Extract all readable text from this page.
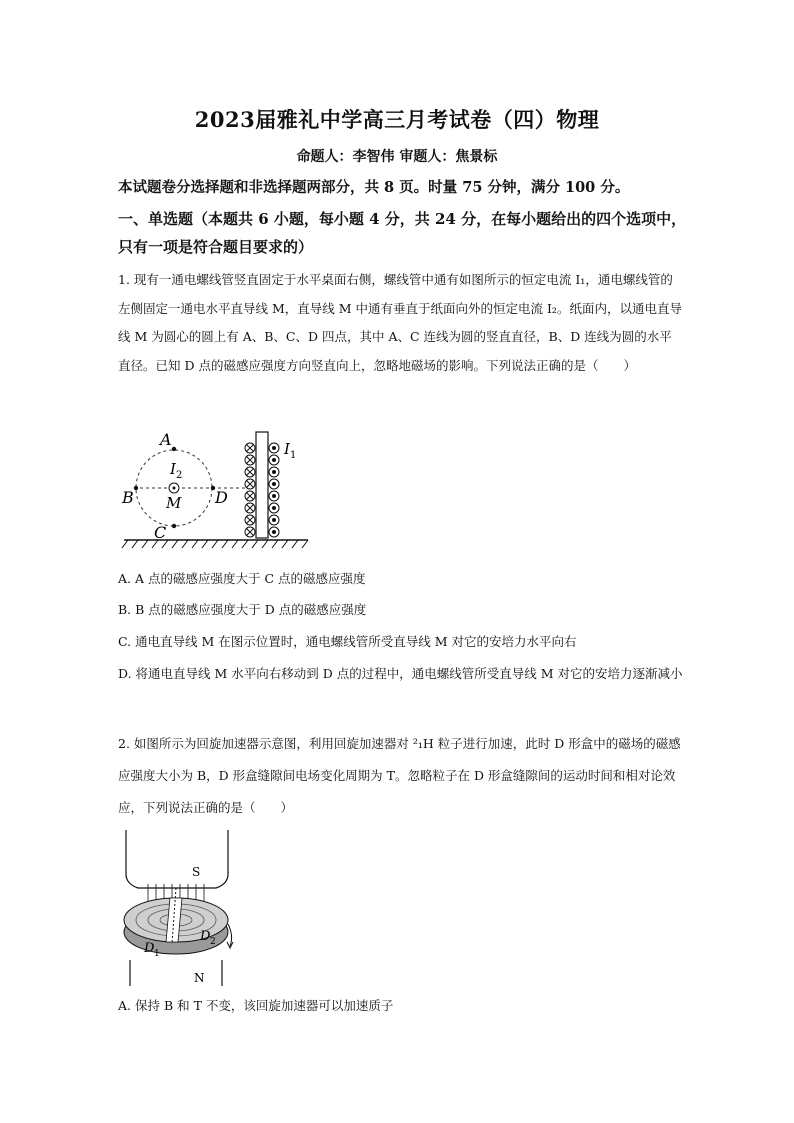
2023届雅礼中学高三月考试卷（四）物理
命题人：李智伟 审题人：焦景标
本试题卷分选择题和非选择题两部分，共 8 页。时量 75 分钟，满分 100 分。
一、单选题（本题共 6 小题，每小题 4 分，共 24 分，在每小题给出的四个选项中，只有一项是符合题目要求的）
1. 现有一通电螺线管竖直固定于水平桌面右侧，螺线管中通有如图所示的恒定电流 I₁，通电螺线管的左侧固定一通电水平直导线 M，直导线 M 中通有垂直于纸面向外的恒定电流 I₂。纸面内，以通电直导线 M 为圆心的圆上有 A、B、C、D 四点，其中 A、C 连线为圆的竖直直径，B、D 连线为圆的水平直径。已知 D 点的磁感应强度方向竖直向上，忽略地磁场的影响。下列说法正确的是（　　）
A
B
C
D
M
I 2
I 1
A. A 点的磁感应强度大于 C 点的磁感应强度
B. B 点的磁感应强度大于 D 点的磁感应强度
C. 通电直导线 M 在图示位置时，通电螺线管所受直导线 M 对它的安培力水平向右
D. 将通电直导线 M 水平向右移动到 D 点的过程中，通电螺线管所受直导线 M 对它的安培力逐渐减小
2. 如图所示为回旋加速器示意图，利用回旋加速器对 ²₁H 粒子进行加速，此时 D 形盒中的磁场的磁感应强度大小为 B，D 形盒缝隙间电场变化周期为 T。忽略粒子在 D 形盒缝隙间的运动时间和相对论效应，下列说法正确的是（　　）
S
D 1
D 2
N
A. 保持 B 和 T 不变，该回旋加速器可以加速质子
